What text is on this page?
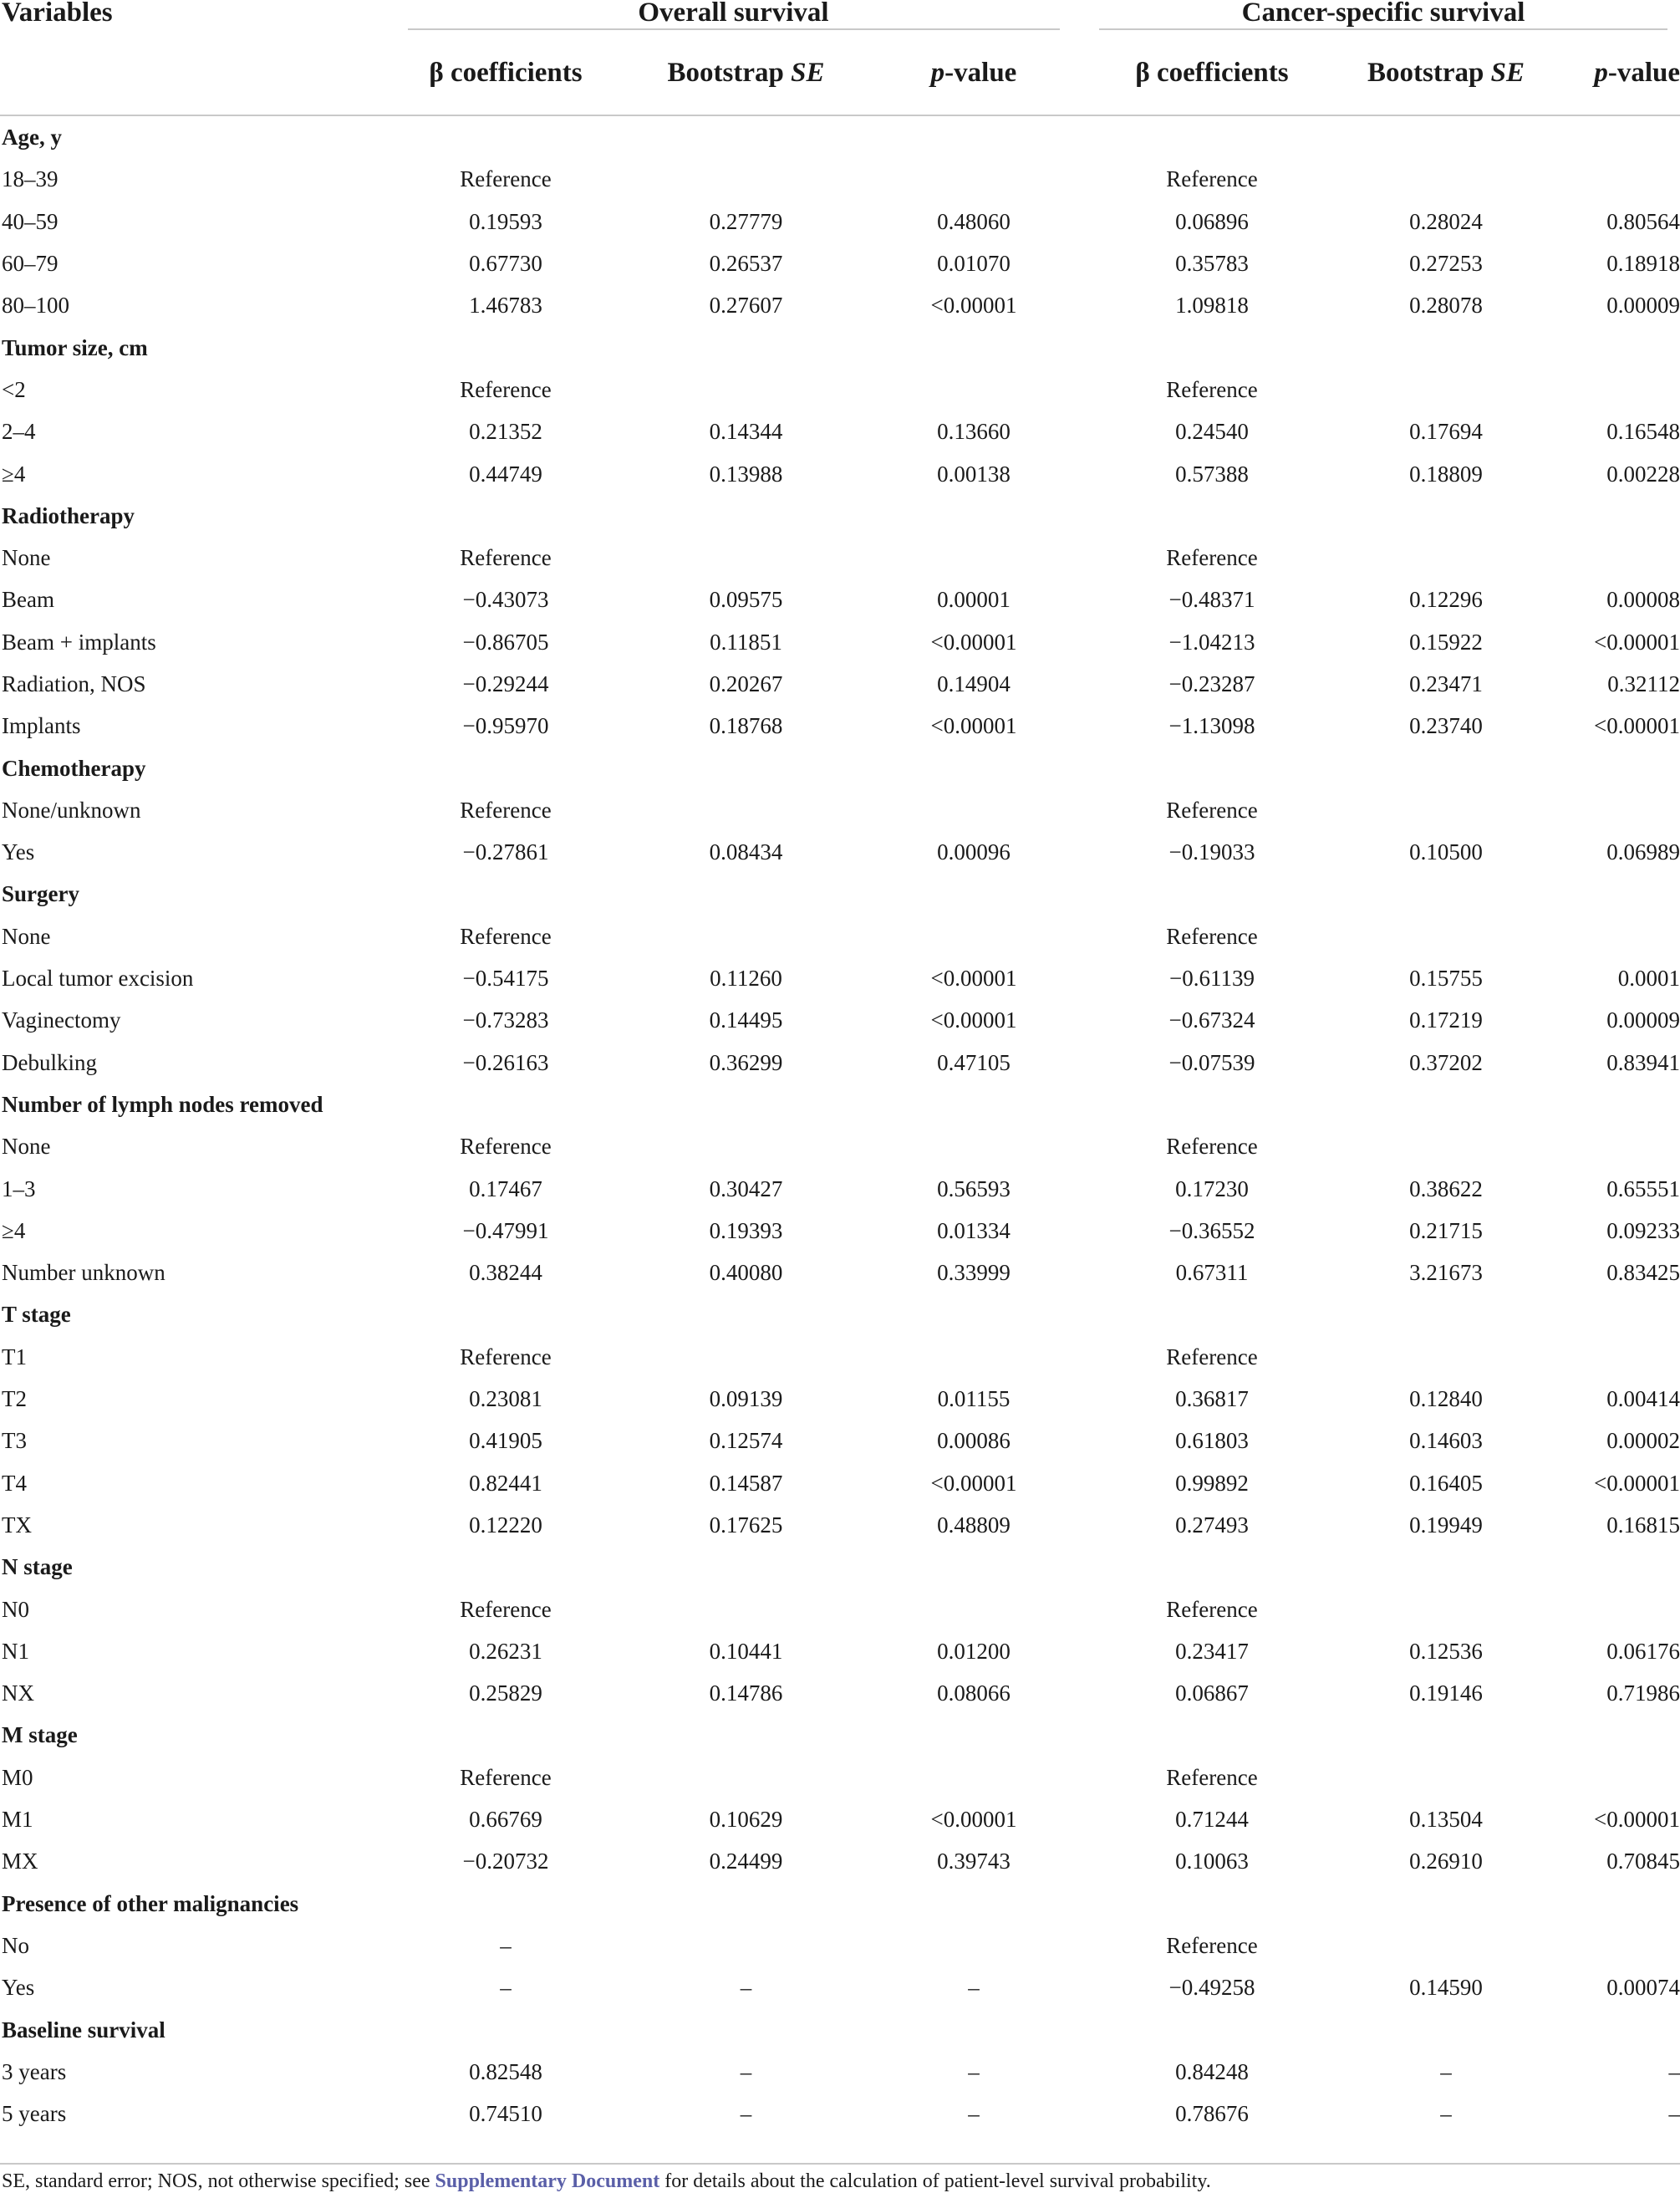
Variables	Overall survival			Cancer-specific survival		
	β coefficients	Bootstrap SE	p-value	β coefficients	Bootstrap SE	p-value
Age, y						
18–39	Reference			Reference		
40–59	0.19593	0.27779	0.48060	0.06896	0.28024	0.80564
60–79	0.67730	0.26537	0.01070	0.35783	0.27253	0.18918
80–100	1.46783	0.27607	<0.00001	1.09818	0.28078	0.00009
Tumor size, cm						
<2	Reference			Reference		
2–4	0.21352	0.14344	0.13660	0.24540	0.17694	0.16548
≥4	0.44749	0.13988	0.00138	0.57388	0.18809	0.00228
Radiotherapy						
None	Reference			Reference		
Beam	−0.43073	0.09575	0.00001	−0.48371	0.12296	0.00008
Beam + implants	−0.86705	0.11851	<0.00001	−1.04213	0.15922	<0.00001
Radiation, NOS	−0.29244	0.20267	0.14904	−0.23287	0.23471	0.32112
Implants	−0.95970	0.18768	<0.00001	−1.13098	0.23740	<0.00001
Chemotherapy						
None/unknown	Reference			Reference		
Yes	−0.27861	0.08434	0.00096	−0.19033	0.10500	0.06989
Surgery						
None	Reference			Reference		
Local tumor excision	−0.54175	0.11260	<0.00001	−0.61139	0.15755	0.0001
Vaginectomy	−0.73283	0.14495	<0.00001	−0.67324	0.17219	0.00009
Debulking	−0.26163	0.36299	0.47105	−0.07539	0.37202	0.83941
Number of lymph nodes removed						
None	Reference			Reference		
1–3	0.17467	0.30427	0.56593	0.17230	0.38622	0.65551
≥4	−0.47991	0.19393	0.01334	−0.36552	0.21715	0.09233
Number unknown	0.38244	0.40080	0.33999	0.67311	3.21673	0.83425
T stage						
T1	Reference			Reference		
T2	0.23081	0.09139	0.01155	0.36817	0.12840	0.00414
T3	0.41905	0.12574	0.00086	0.61803	0.14603	0.00002
T4	0.82441	0.14587	<0.00001	0.99892	0.16405	<0.00001
TX	0.12220	0.17625	0.48809	0.27493	0.19949	0.16815
N stage						
N0	Reference			Reference		
N1	0.26231	0.10441	0.01200	0.23417	0.12536	0.06176
NX	0.25829	0.14786	0.08066	0.06867	0.19146	0.71986
M stage						
M0	Reference			Reference		
M1	0.66769	0.10629	<0.00001	0.71244	0.13504	<0.00001
MX	−0.20732	0.24499	0.39743	0.10063	0.26910	0.70845
Presence of other malignancies						
No	–			Reference		
Yes	–	–	–	−0.49258	0.14590	0.00074
Baseline survival						
3 years	0.82548	–	–	0.84248	–	–
5 years	0.74510	–	–	0.78676	–	–
SE, standard error; NOS, not otherwise specified; see Supplementary Document for details about the calculation of patient-level survival probability.
